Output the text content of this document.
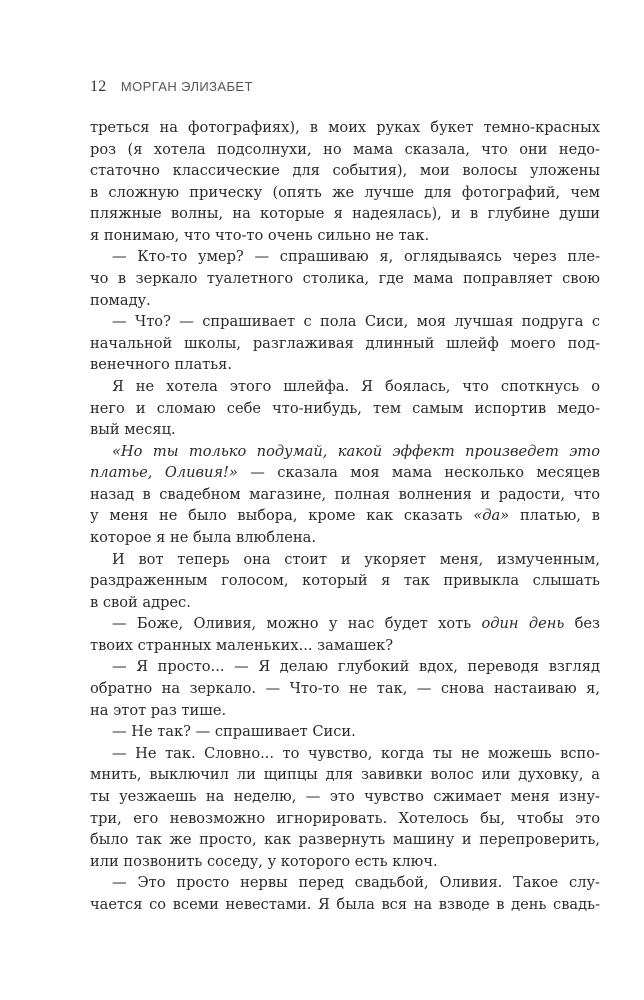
12 МОРГАН ЭЛИЗАБЕТ
треться на фотографиях), в моих руках букет темно-красных
роз (я хотела подсолнухи, но мама сказала, что они недо-
статочно классические для события), мои волосы уложены
в сложную прическу (опять же лучше для фотографий, чем
пляжные волны, на которые я надеялась), и в глубине души
я понимаю, что что-то очень сильно не так.
— Кто-то умер? — спрашиваю я, оглядываясь через пле-
чо в зеркало туалетного столика, где мама поправляет свою
помаду.
— Что? — спрашивает с пола Сиси, моя лучшая подруга с
начальной школы, разглаживая длинный шлейф моего под-
венечного платья.
Я не хотела этого шлейфа. Я боялась, что споткнусь о
него и сломаю себе что-нибудь, тем самым испортив медо-
вый месяц.
«Но ты только подумай, какой эффект произведет это
платье, Оливия!» — сказала моя мама несколько месяцев
назад в свадебном магазине, полная волнения и радости, что
у меня не было выбора, кроме как сказать «да» платью, в
которое я не была влюблена.
И вот теперь она стоит и укоряет меня, измученным,
раздраженным голосом, который я так привыкла слышать
в свой адрес.
— Боже, Оливия, можно у нас будет хоть один день без
твоих странных маленьких... замашек?
— Я просто... — Я делаю глубокий вдох, переводя взгляд
обратно на зеркало. — Что-то не так, — снова настаиваю я,
на этот раз тише.
— Не так? — спрашивает Сиси.
— Не так. Словно... то чувство, когда ты не можешь вспо-
мнить, выключил ли щипцы для завивки волос или духовку, а
ты уезжаешь на неделю, — это чувство сжимает меня изну-
три, его невозможно игнорировать. Хотелось бы, чтобы это
было так же просто, как развернуть машину и перепроверить,
или позвонить соседу, у которого есть ключ.
— Это просто нервы перед свадьбой, Оливия. Такое слу-
чается со всеми невестами. Я была вся на взводе в день свадь-
